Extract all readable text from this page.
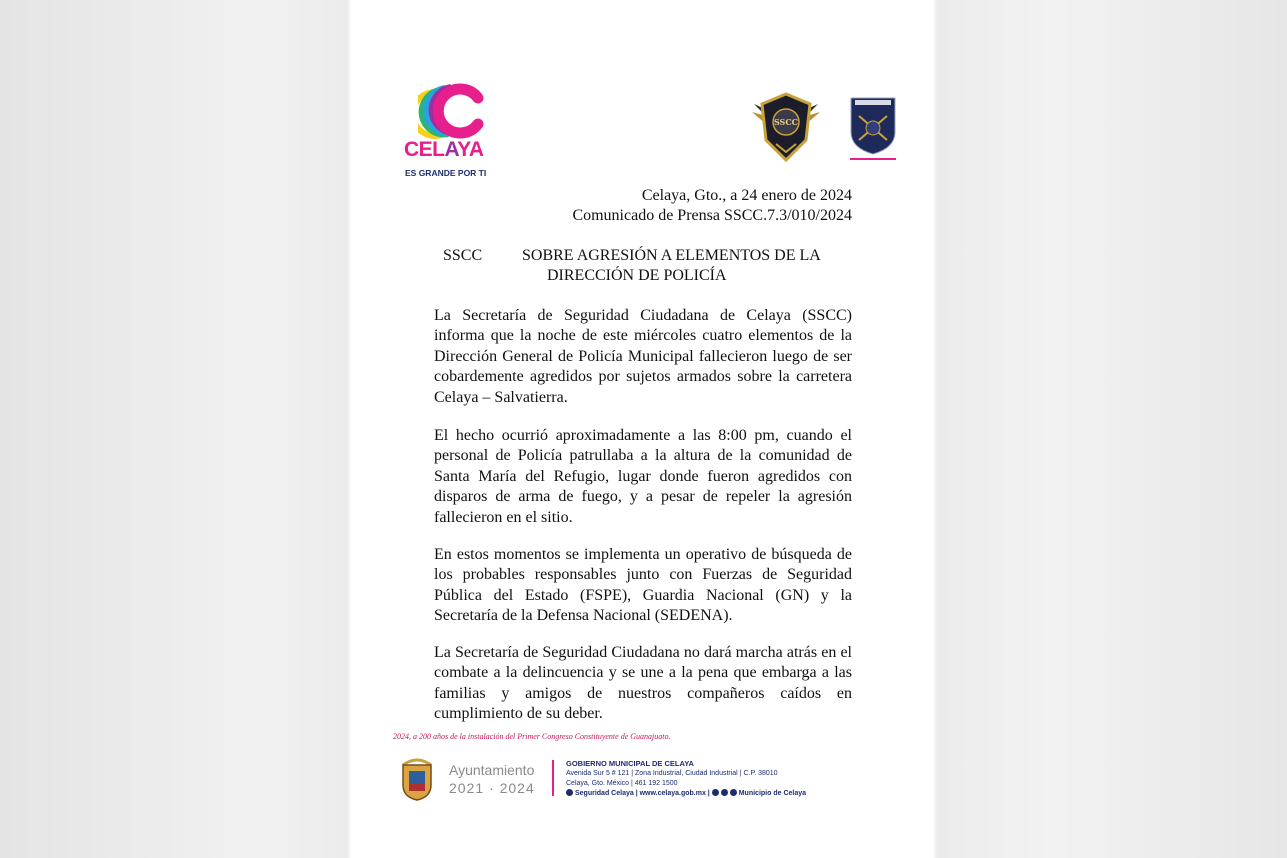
CELAYA
ES GRANDE POR TI
SSCC
Celaya, Gto., a 24 enero de 2024
Comunicado de Prensa SSCC.7.3/010/2024
SSCC SOBRE AGRESIÓN A ELEMENTOS DE LA
DIRECCIÓN DE POLICÍA

La Secretaría de Seguridad Ciudadana de Celaya (SSCC) informa que la noche de este miércoles cuatro elementos de la Dirección General de Policía Municipal fallecieron luego de ser cobardemente agredidos por sujetos armados sobre la carretera Celaya – Salvatierra.

El hecho ocurrió aproximadamente a las 8:00 pm, cuando el personal de Policía patrullaba a la altura de la comunidad de Santa María del Refugio, lugar donde fueron agredidos con disparos de arma de fuego, y a pesar de repeler la agresión fallecieron en el sitio.

En estos momentos se implementa un operativo de búsqueda de los probables responsables junto con Fuerzas de Seguridad Pública del Estado (FSPE), Guardia Nacional (GN) y la Secretaría de la Defensa Nacional (SEDENA).

La Secretaría de Seguridad Ciudadana no dará marcha atrás en el combate a la delincuencia y se une a la pena que embarga a las familias y amigos de nuestros compañeros caídos en cumplimiento de su deber.

2024, a 200 años de la instalación del Primer Congreso Constituyente de Guanajuato.
Ayuntamiento
2021 · 2024
GOBIERNO MUNICIPAL DE CELAYA
Avenida Sur 5 # 121 | Zona Industrial, Ciudad Industrial | C.P. 38010
Celaya, Gto. México | 461 192 1500
Seguridad Celaya | www.celaya.gob.mx |	Municipio de Celaya
